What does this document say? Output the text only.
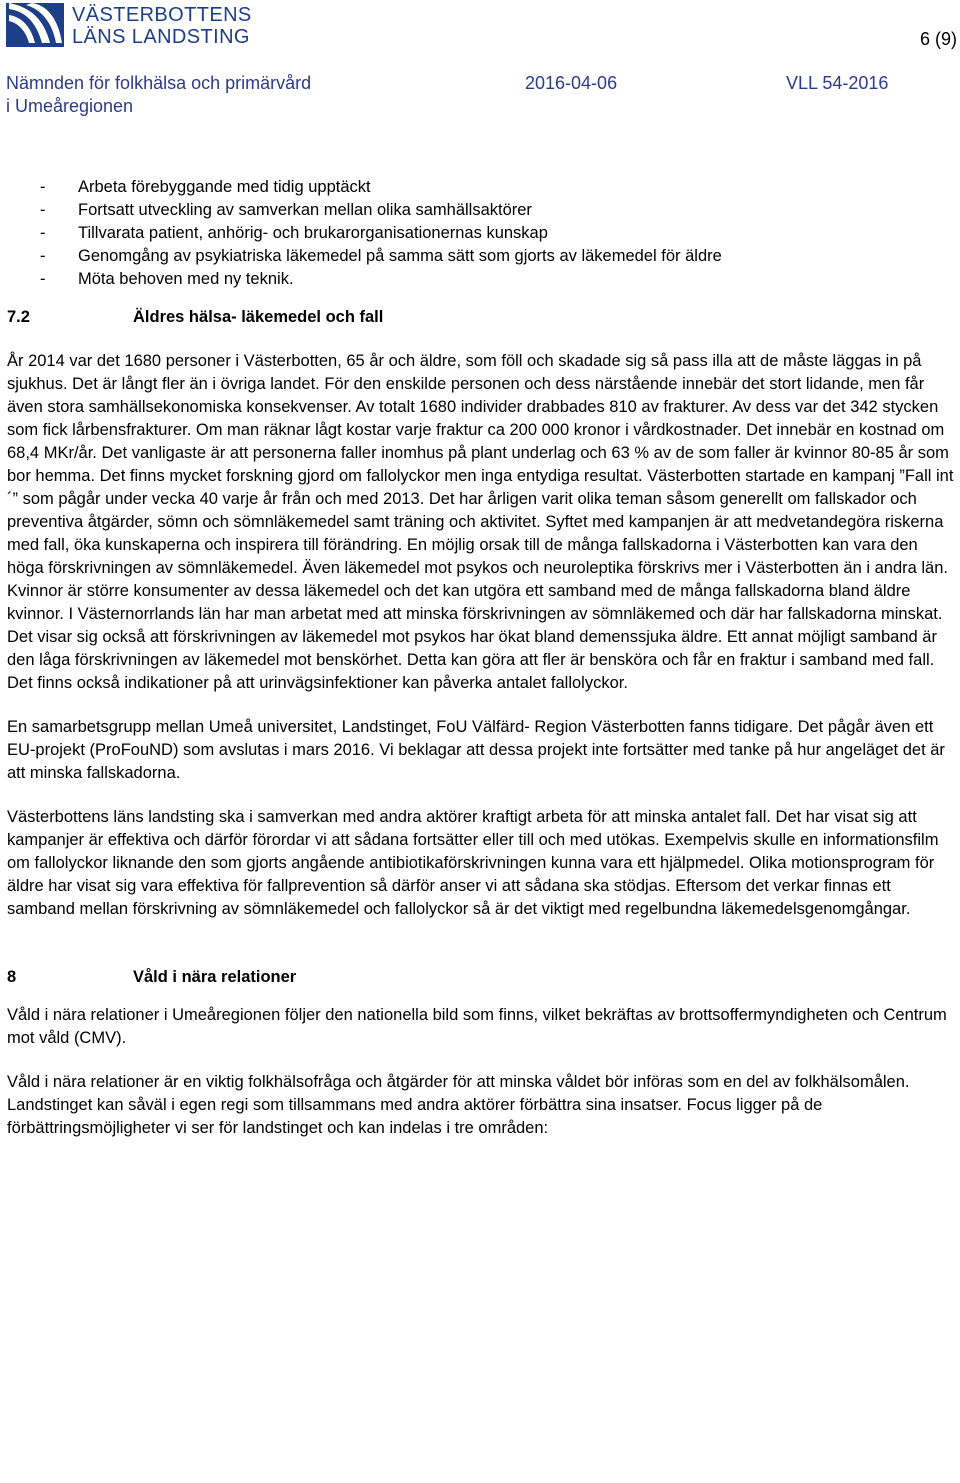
VÄSTERBOTTENS
LÄNS LANDSTING	6 (9)
Nämnden för folkhälsa och primärvård
i Umeåregionen
2016-04-06	VLL 54-2016
- Arbeta förebyggande med tidig upptäckt
- Fortsatt utveckling av samverkan mellan olika samhällsaktörer
- Tillvarata patient, anhörig- och brukarorganisationernas kunskap
- Genomgång av psykiatriska läkemedel på samma sätt som gjorts av läkemedel för äldre
- Möta behoven med ny teknik.
7.2	Äldres hälsa- läkemedel och fall

År 2014 var det 1680 personer i Västerbotten, 65 år och äldre, som föll och skadade sig så pass illa att de måste läggas in på sjukhus. Det är långt fler än i övriga landet. För den enskilde personen och dess närstående innebär det stort lidande, men får även stora samhällsekonomiska konsekvenser. Av totalt 1680 individer drabbades 810 av frakturer. Av dess var det 342 stycken som fick lårbensfrakturer. Om man räknar lågt kostar varje fraktur ca 200 000 kronor i vårdkostnader. Det innebär en kostnad om 68,4 MKr/år. Det vanligaste är att personerna faller inomhus på plant underlag och 63 % av de som faller är kvinnor 80-85 år som bor hemma. Det finns mycket forskning gjord om fallolyckor men inga entydiga resultat. Västerbotten startade en kampanj ”Fall int´” som pågår under vecka 40 varje år från och med 2013. Det har årligen varit olika teman såsom generellt om fallskador och preventiva åtgärder, sömn och sömnläkemedel samt träning och aktivitet. Syftet med kampanjen är att medvetandegöra riskerna med fall, öka kunskaperna och inspirera till förändring. En möjlig orsak till de många fallskadorna i Västerbotten kan vara den höga förskrivningen av sömnläkemedel. Även läkemedel mot psykos och neuroleptika förskrivs mer i Västerbotten än i andra län. Kvinnor är större konsumenter av dessa läkemedel och det kan utgöra ett samband med de många fallskadorna bland äldre kvinnor. I Västernorrlands län har man arbetat med att minska förskrivningen av sömnläkemed och där har fallskadorna minskat. Det visar sig också att förskrivningen av läkemedel mot psykos har ökat bland demenssjuka äldre. Ett annat möjligt samband är den låga förskrivningen av läkemedel mot benskörhet. Detta kan göra att fler är bensköra och får en fraktur i samband med fall. Det finns också indikationer på att urinvägsinfektioner kan påverka antalet fallolyckor.

En samarbetsgrupp mellan Umeå universitet, Landstinget, FoU Välfärd- Region Västerbotten fanns tidigare. Det pågår även ett EU-projekt (ProFouND) som avslutas i mars 2016. Vi beklagar att dessa projekt inte fortsätter med tanke på hur angeläget det är att minska fallskadorna.

Västerbottens läns landsting ska i samverkan med andra aktörer kraftigt arbeta för att minska antalet fall. Det har visat sig att kampanjer är effektiva och därför förordar vi att sådana fortsätter eller till och med utökas. Exempelvis skulle en informationsfilm om fallolyckor liknande den som gjorts angående antibiotikaförskrivningen kunna vara ett hjälpmedel. Olika motionsprogram för äldre har visat sig vara effektiva för fallprevention så därför anser vi att sådana ska stödjas. Eftersom det verkar finnas ett samband mellan förskrivning av sömnläkemedel och fallolyckor så är det viktigt med regelbundna läkemedelsgenomgångar.

8	Våld i nära relationer

Våld i nära relationer i Umeåregionen följer den nationella bild som finns, vilket bekräftas av brottsoffermyndigheten och Centrum mot våld (CMV).

Våld i nära relationer är en viktig folkhälsofråga och åtgärder för att minska våldet bör införas som en del av folkhälsomålen. Landstinget kan såväl i egen regi som tillsammans med andra aktörer förbättra sina insatser. Focus ligger på de förbättringsmöjligheter vi ser för landstinget och kan indelas i tre områden:
